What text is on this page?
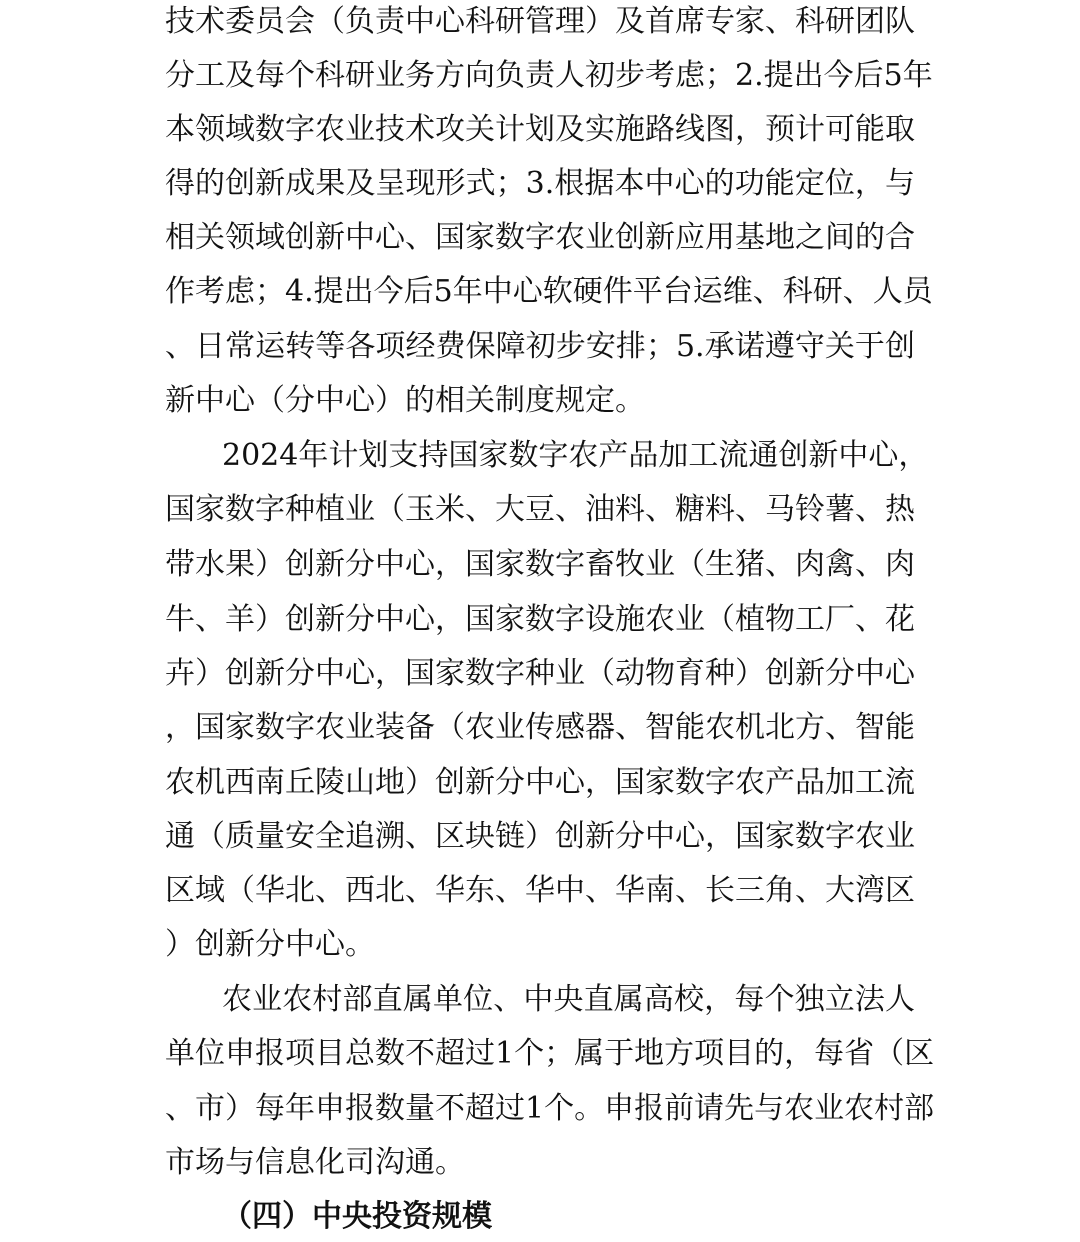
技术委员会（负责中心科研管理）及首席专家、科研团队
分工及每个科研业务方向负责人初步考虑；2.提出今后5年
本领域数字农业技术攻关计划及实施路线图，预计可能取
得的创新成果及呈现形式；3.根据本中心的功能定位，与
相关领域创新中心、国家数字农业创新应用基地之间的合
作考虑；4.提出今后5年中心软硬件平台运维、科研、人员
、日常运转等各项经费保障初步安排；5.承诺遵守关于创
新中心（分中心）的相关制度规定。
2024年计划支持国家数字农产品加工流通创新中心，
国家数字种植业（玉米、大豆、油料、糖料、马铃薯、热
带水果）创新分中心，国家数字畜牧业（生猪、肉禽、肉
牛、羊）创新分中心，国家数字设施农业（植物工厂、花
卉）创新分中心，国家数字种业（动物育种）创新分中心
，国家数字农业装备（农业传感器、智能农机北方、智能
农机西南丘陵山地）创新分中心，国家数字农产品加工流
通（质量安全追溯、区块链）创新分中心，国家数字农业
区域（华北、西北、华东、华中、华南、长三角、大湾区
）创新分中心。
农业农村部直属单位、中央直属高校，每个独立法人
单位申报项目总数不超过1个；属于地方项目的，每省（区
、市）每年申报数量不超过1个。申报前请先与农业农村部
市场与信息化司沟通。
（四）中央投资规模
